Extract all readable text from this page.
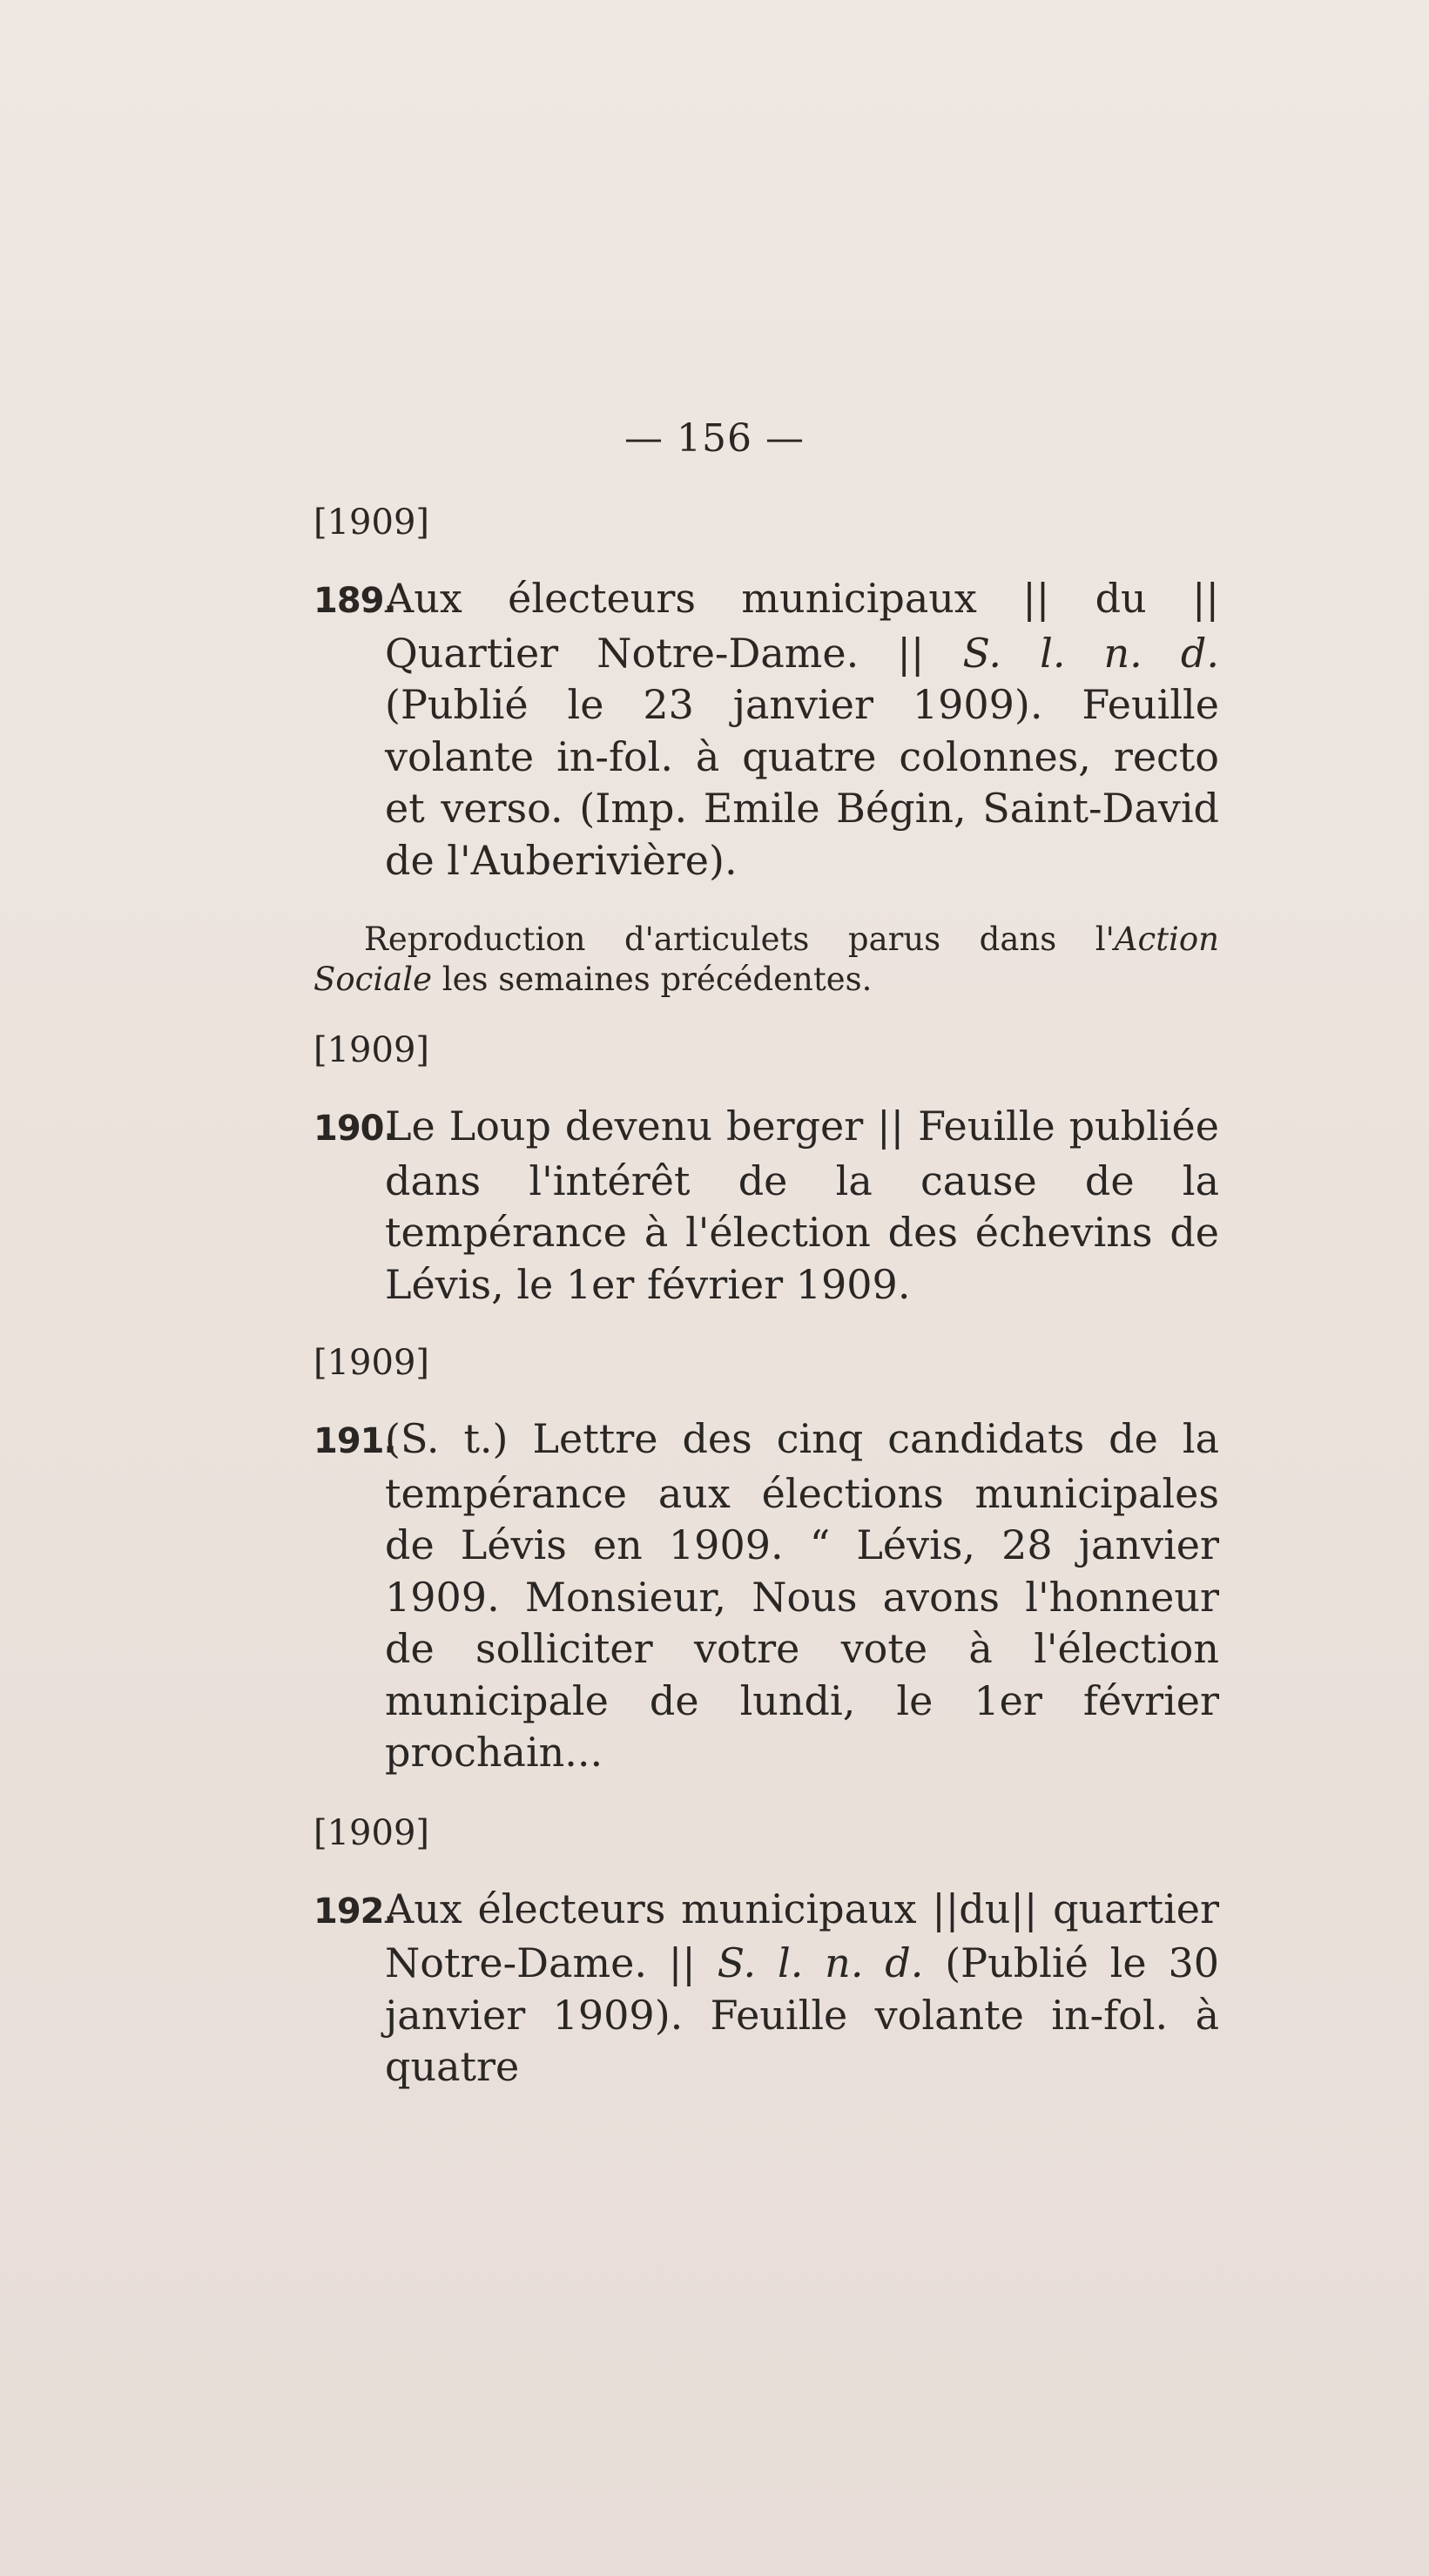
— 156 —
[1909]

189.Aux électeurs municipaux || du || Quartier Notre-Dame. || S. l. n. d. (Publié le 23 janvier 1909). Feuille volante in-fol. à quatre colonnes, recto et verso. (Imp. Emile Bégin, Saint-David de l'Auberivière).

Reproduction d'articulets parus dans l'Action Sociale les semaines précédentes.

[1909]

190.Le Loup devenu berger || Feuille publiée dans l'intérêt de la cause de la tempérance à l'élection des échevins de Lévis, le 1er février 1909.

[1909]

191.(S. t.) Lettre des cinq candidats de la tempérance aux élections municipales de Lévis en 1909. “ Lévis, 28 janvier 1909. Monsieur, Nous avons l'honneur de solliciter votre vote à l'élection municipale de lundi, le 1er février prochain...

[1909]

192.Aux électeurs municipaux ||du|| quartier Notre-Dame. || S. l. n. d. (Publié le 30 janvier 1909). Feuille volante in-fol. à quatre
